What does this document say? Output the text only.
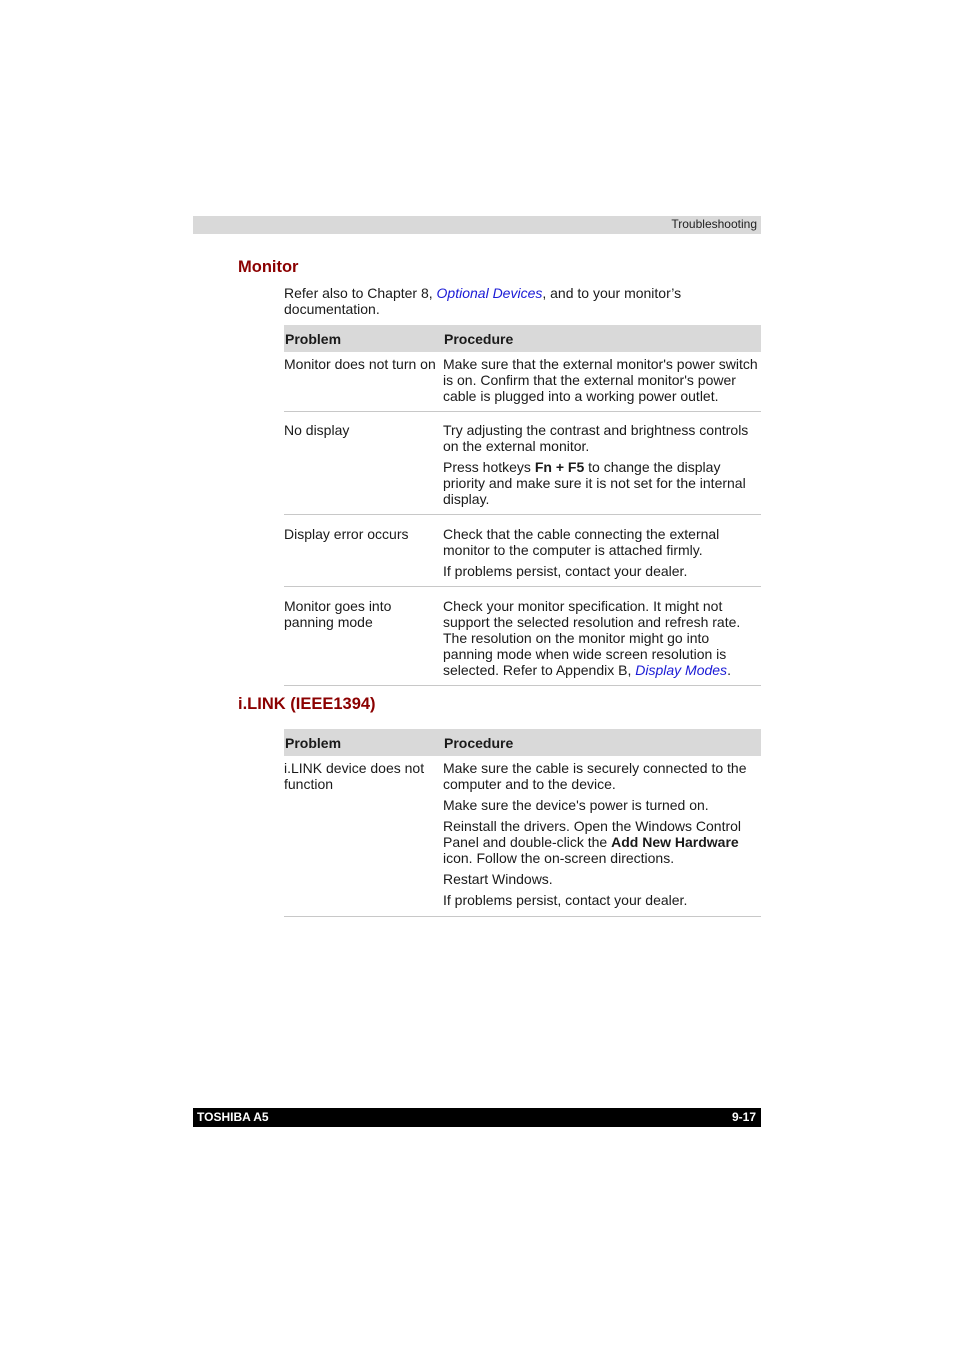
Troubleshooting
Monitor
Refer also to Chapter 8, Optional Devices, and to your monitor’s documentation.
Problem	Procedure
Monitor does not turn on	Make sure that the external monitor's power switch is on. Confirm that the external monitor's power cable is plugged into a working power outlet.

No display	Try adjusting the contrast and brightness controls on the external monitor.

Press hotkeys Fn + F5 to change the display priority and make sure it is not set for the internal display.

Display error occurs	Check that the cable connecting the external monitor to the computer is attached firmly.

If problems persist, contact your dealer.

Monitor goes into panning mode	Check your monitor specification. It might not support the selected resolution and refresh rate. The resolution on the monitor might go into panning mode when wide screen resolution is selected. Refer to Appendix B, Display Modes.

i.LINK (IEEE1394)
Problem	Procedure
i.LINK device does not function	Make sure the cable is securely connected to the computer and to the device.

Make sure the device's power is turned on.

Reinstall the drivers. Open the Windows Control Panel and double-click the Add New Hardware icon. Follow the on-screen directions.

Restart Windows.

If problems persist, contact your dealer.

TOSHIBA A5	9-17
